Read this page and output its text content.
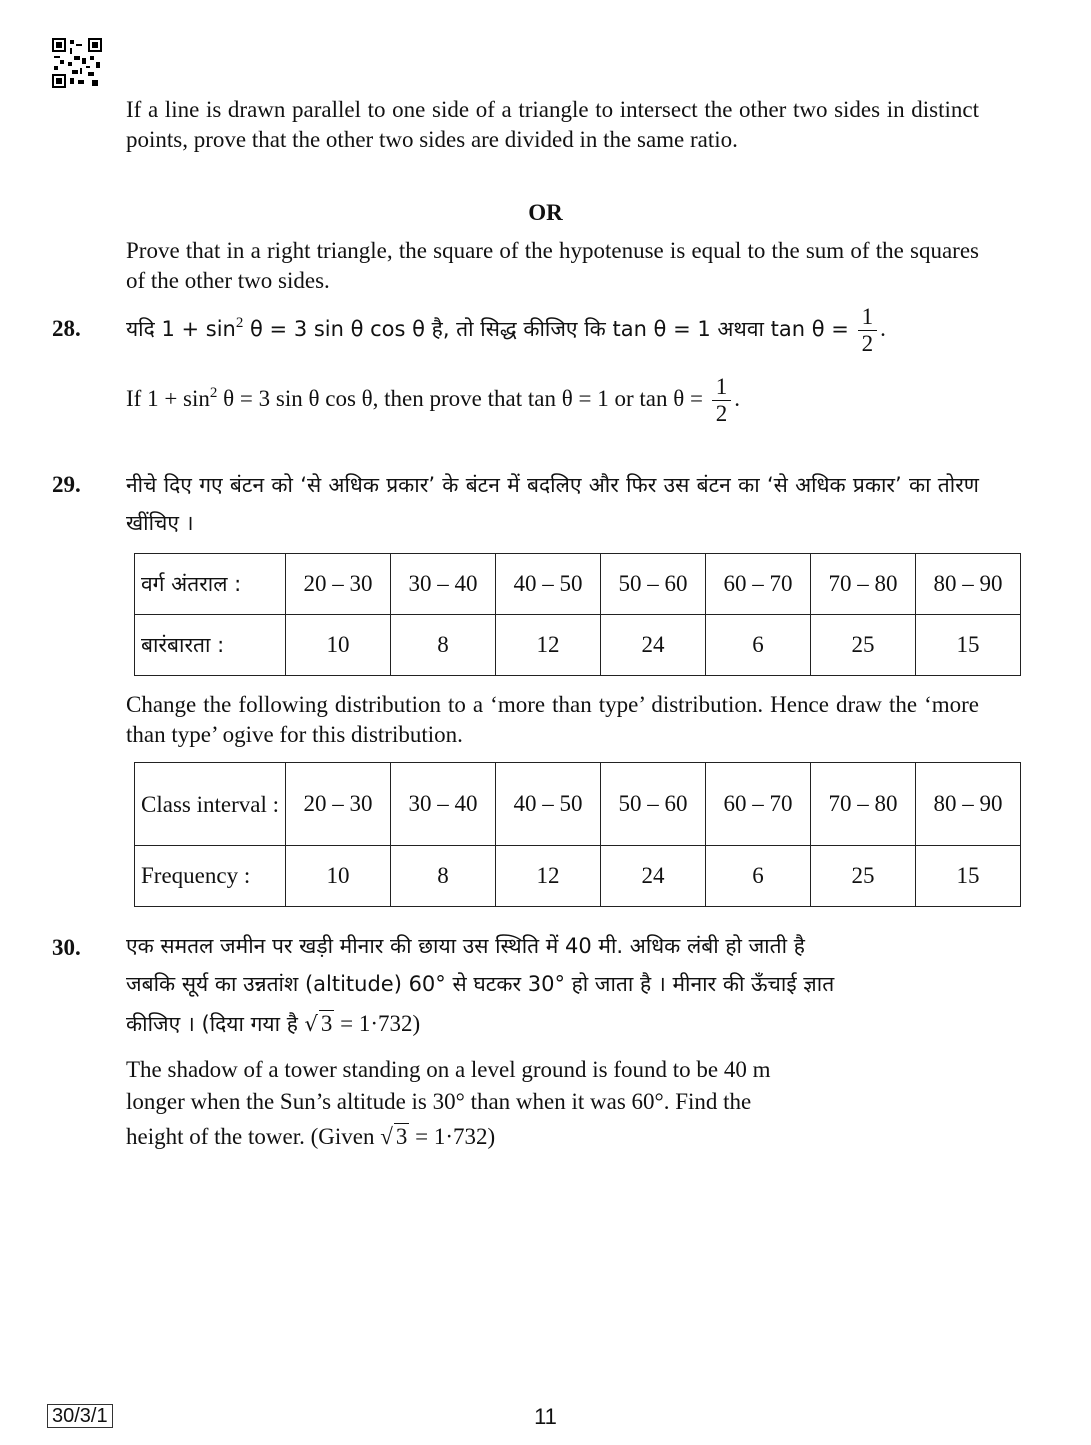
If a line is drawn parallel to one side of a triangle to intersect the other two sides in distinct points, prove that the other two sides are divided in the same ratio.

OR

Prove that in a right triangle, the square of the hypotenuse is equal to the sum of the squares of the other two sides.

28. यदि $1 + \sin^2 \theta = 3$ sin θ cos θ है, तो सिद्ध कीजिए कि tan θ = 1 अथवा $\tan \theta = \frac{1}{2}$ .
If $1 + \sin^2 \theta = 3$ sin θ cos θ, then prove that tan θ = 1 or $\tan \theta = \frac{1}{2}$ .
29. नीचे दिए गए बंटन को ‘से अधिक प्रकार’ के बंटन में बदलिए और फिर उस बंटन का ‘से अधिक प्रकार’ का तोरण खींचिए ।

वर्ग अंतराल :	20 – 30	30 – 40	40 – 50	50 – 60	60 – 70	70 – 80	80 – 90
बारंबारता :	10	8	12	24	6	25	15

Change the following distribution to a ‘more than type’ distribution. Hence draw the ‘more than type’ ogive for this distribution.

Class interval :	20 – 30	30 – 40	40 – 50	50 – 60	60 – 70	70 – 80	80 – 90
Frequency :	10	8	12	24	6	25	15
30. एक समतल जमीन पर खड़ी मीनार की छाया उस स्थिति में 40 मी. अधिक लंबी हो जाती है
जबकि सूर्य का उन्नतांश (altitude) 60° से घटकर 30° हो जाता है । मीनार की ऊँचाई ज्ञात
कीजिए । (दिया गया है √ 3 = 1·732)
The shadow of a tower standing on a level ground is found to be 40 m
longer when the Sun’s altitude is 30° than when it was 60°. Find the
height of the tower. (Given √ 3 = 1·732)
30/3/1	11
